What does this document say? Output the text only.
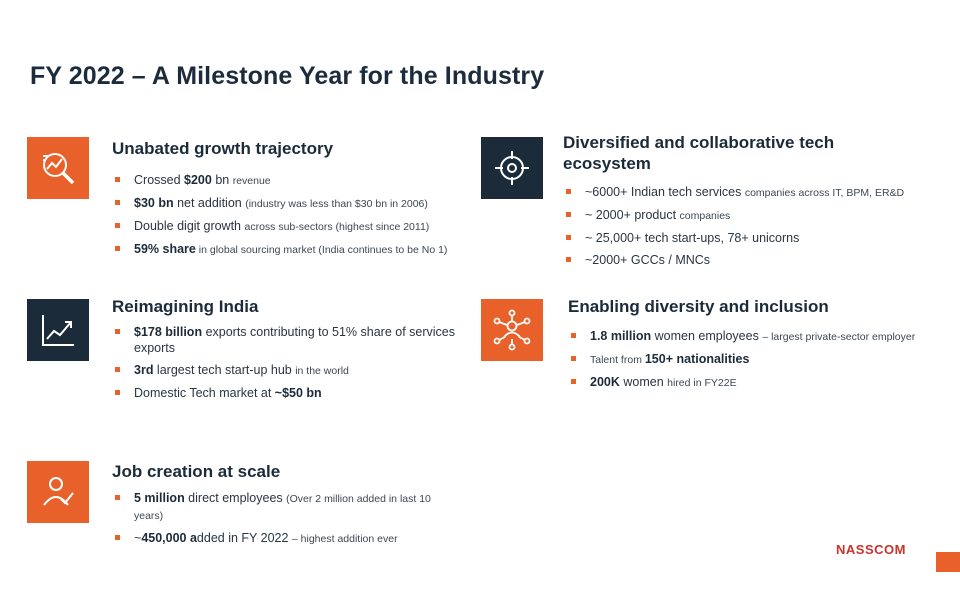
FY 2022 – A Milestone Year for the Industry
Unabated growth trajectory
Crossed $200 bn revenue
$30 bn net addition (industry was less than $30 bn in 2006)
Double digit growth across sub-sectors (highest since 2011)
59% share in global sourcing market (India continues to be No 1)
Diversified and collaborative tech
ecosystem
~6000+ Indian tech services companies across IT, BPM, ER&D
~ 2000+ product companies
~ 25,000+ tech start-ups, 78+ unicorns
~2000+ GCCs / MNCs
Reimagining India
$178 billion exports contributing to 51% share of services exports
3rd largest tech start-up hub in the world
Domestic Tech market at ~$50 bn
Enabling diversity and inclusion
1.8 million women employees – largest private-sector employer
Talent from 150+ nationalities
200K women hired in FY22E
Job creation at scale
5 million direct employees (Over 2 million added in last 10 years)
~450,000 added in FY 2022 – highest addition ever
NASSCOM
